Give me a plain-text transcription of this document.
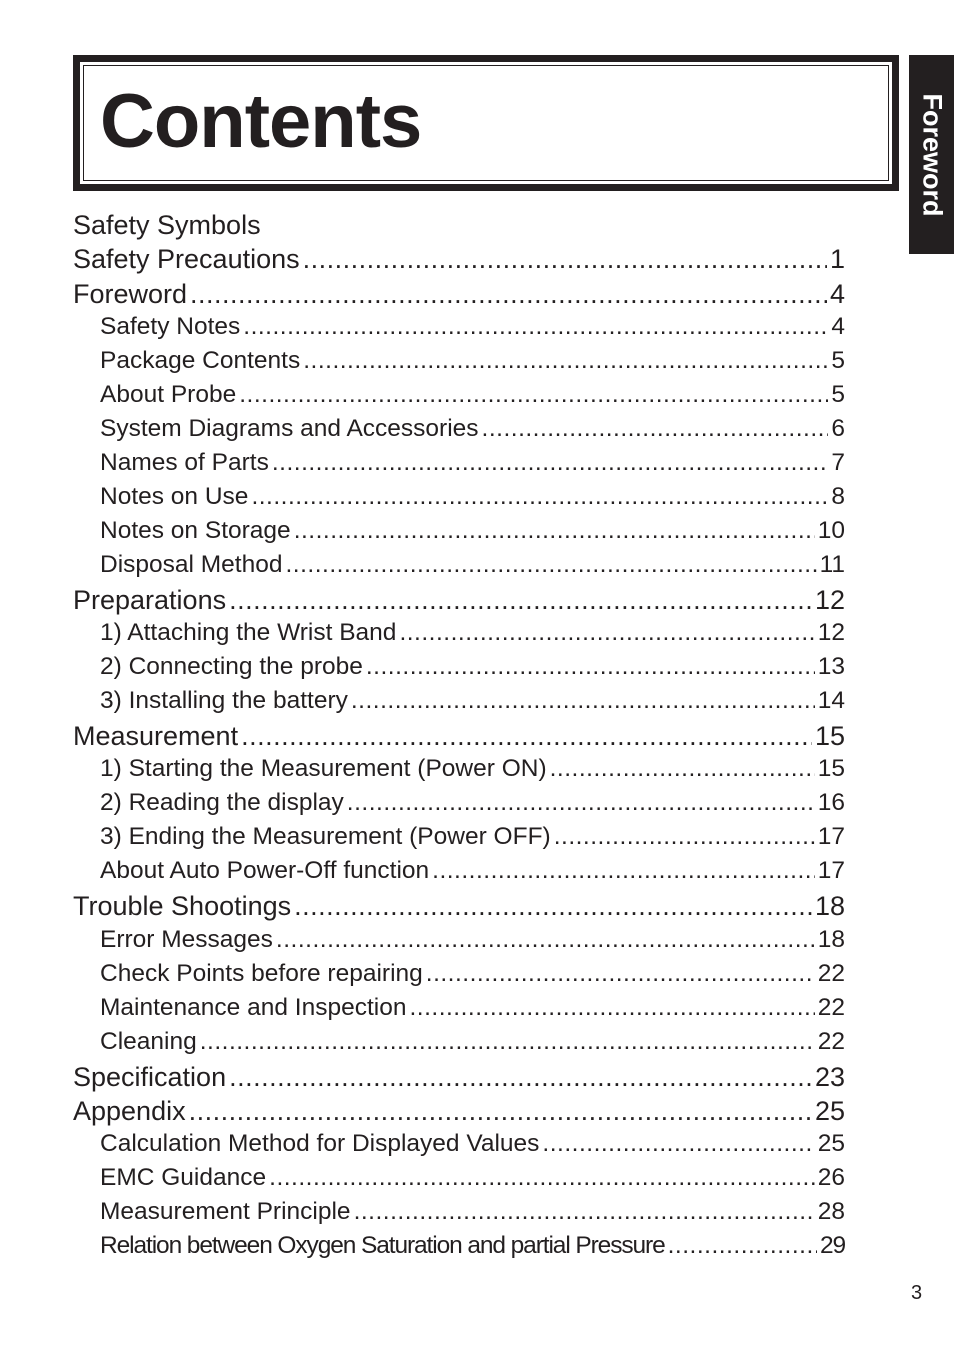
Contents	Foreword
Safety Symbols
Safety Precautions .....	1
Foreword .....	4
Safety Notes .....	4
Package Contents .....	5
About Probe .....	5
System Diagrams and Accessories .....	6
Names of Parts .....	7
Notes on Use .....	8
Notes on Storage .....	10
Disposal Method .....	11
Preparations .....	12
1) Attaching the Wrist Band .....	12
2) Connecting the probe .....	13
3) Installing the battery .....	14
Measurement .....	15
1) Starting the Measurement (Power ON) .....	15
2) Reading the display .....	16
3) Ending the Measurement (Power OFF) .....	17
About Auto Power-Off function .....	17
Trouble Shootings .....	18
Error Messages .....	18
Check Points before repairing .....	22
Maintenance and Inspection .....	22
Cleaning .....	22
Specification .....	23
Appendix .....	25
Calculation Method for Displayed Values .....	25
EMC Guidance .....	26
Measurement Principle .....	28
Relation between Oxygen Saturation and partial Pressure .....	29
3
